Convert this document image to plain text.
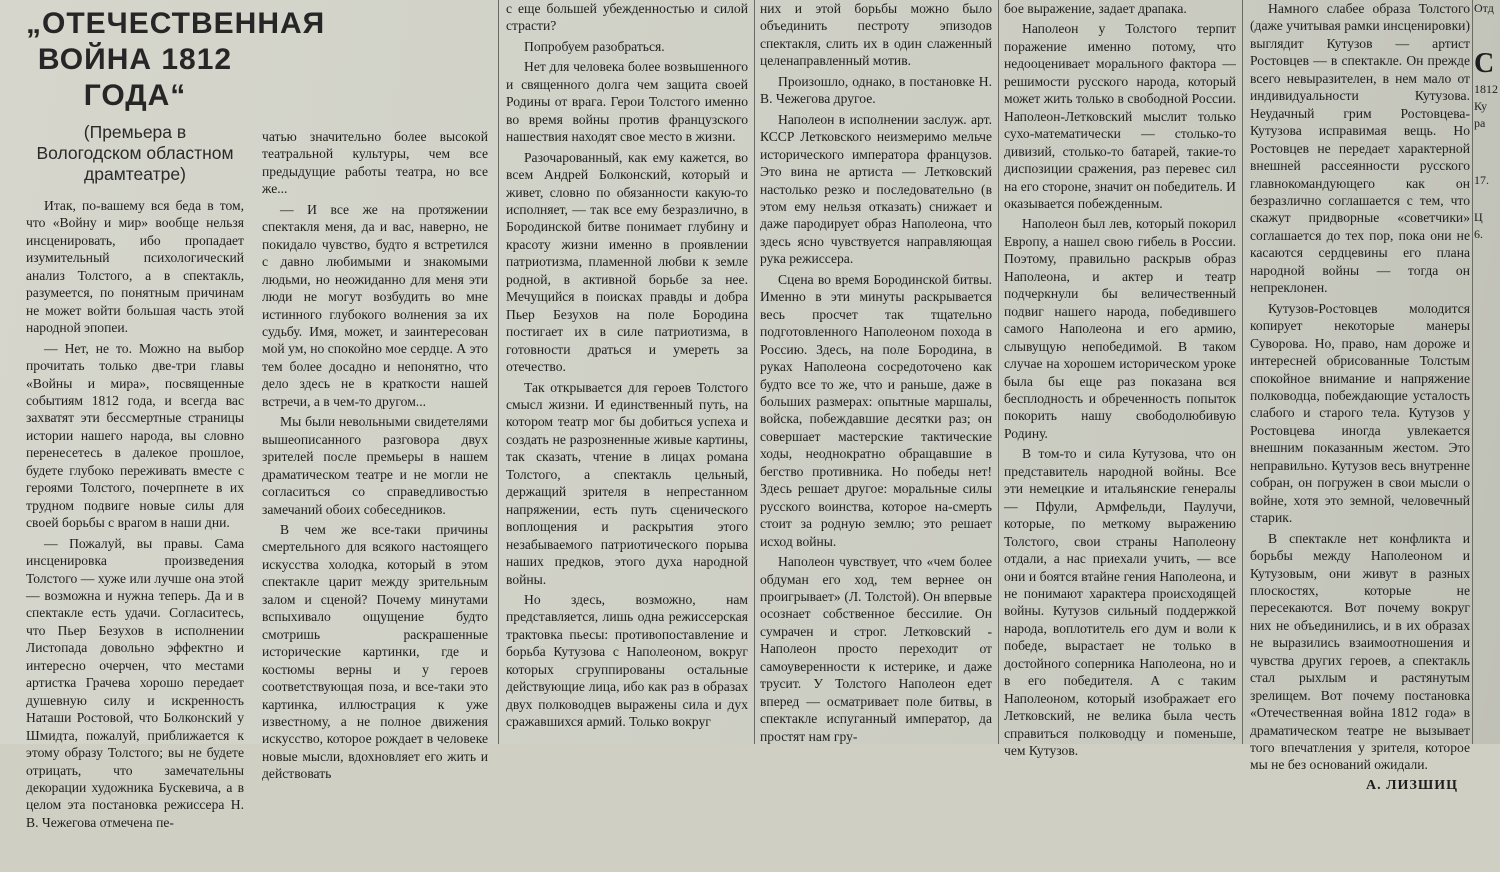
„ОТЕЧЕСТВЕННАЯ ВОЙНА 1812 ГОДА“
(Премьера в Вологодском областном драмтеатре)

Итак, по-вашему вся беда в том, что «Войну и мир» вообще нельзя инсценировать, ибо пропадает изумительный психологический анализ Толстого, а в спектакль, разумеется, по понятным причинам не может войти большая часть этой народной эпопеи.

— Нет, не то. Можно на выбор прочитать только две-три главы «Войны и мира», посвященные событиям 1812 года, и всегда вас захватят эти бессмертные страницы истории нашего народа, вы словно перенесетесь в далекое прошлое, будете глубоко переживать вместе с героями Толстого, почерпнете в их трудном подвиге новые силы для своей борьбы с врагом в наши дни.

— Пожалуй, вы правы. Сама инсценировка произведения Толстого — хуже или лучше она этой — возможна и нужна теперь. Да и в спектакле есть удачи. Согласитесь, что Пьер Безухов в исполнении Листопада довольно эффектно и интересно очерчен, что местами артистка Грачева хорошо передает душевную силу и искренность Наташи Ростовой, что Болконский у Шмидта, пожалуй, приближается к этому образу Толстого; вы не будете отрицать, что замечательны декорации художника Бускевича, а в целом эта постановка режиссера Н. В. Чежегова отмечена пе-

чатью значительно более высокой театральной культуры, чем все предыдущие работы театра, но все же...

— И все же на протяжении спектакля меня, да и вас, наверно, не покидало чувство, будто я встретился с давно любимыми и знакомыми людьми, но неожиданно для меня эти люди не могут возбудить во мне истинного глубокого волнения за их судьбу. Имя, может, и заинтересован мой ум, но спокойно мое сердце. А это тем более досадно и непонятно, что дело здесь не в краткости нашей встречи, а в чем-то другом...

Мы были невольными свидетелями вышеописанного разговора двух зрителей после премьеры в нашем драматическом театре и не могли не согласиться со справедливостью замечаний обоих собеседников.

В чем же все-таки причины смертельного для всякого настоящего искусства холодка, который в этом спектакле царит между зрительным залом и сценой? Почему минутами вспыхивало ощущение будто смотришь раскрашенные исторические картинки, где и костюмы верны и у героев соответствующая поза, и все-таки это картинка, иллюстрация к уже известному, а не полное движения искусство, которое рождает в человеке новые мысли, вдохновляет его жить и действовать

с еще большей убежденностью и силой страсти?

Попробуем разобраться.

Нет для человека более возвышенного и священного долга чем защита своей Родины от врага. Герои Толстого именно во время войны против французского нашествия находят свое место в жизни.

Разочарованный, как ему кажется, во всем Андрей Болконский, который и живет, словно по обязанности какую-то исполняет, — так все ему безразлично, в Бородинской битве понимает глубину и красоту жизни именно в проявлении патриотизма, пламенной любви к земле родной, в активной борьбе за нее. Мечущийся в поисках правды и добра Пьер Безухов на поле Бородина постигает их в силе патриотизма, в готовности драться и умереть за отечество.

Так открывается для героев Толстого смысл жизни. И единственный путь, на котором театр мог бы добиться успеха и создать не разрозненные живые картины, так сказать, чтение в лицах романа Толстого, а спектакль цельный, держащий зрителя в непрестанном напряжении, есть путь сценического воплощения и раскрытия этого незабываемого патриотического порыва наших предков, этого духа народной войны.

Но здесь, возможно, нам представляется, лишь одна режиссерская трактовка пьесы: противопоставление и борьба Кутузова с Наполеоном, вокруг которых сгруппированы остальные действующие лица, ибо как раз в образах двух полководцев выражены сила и дух сражавшихся армий. Только вокруг

них и этой борьбы можно было объединить пестроту эпизодов спектакля, слить их в один слаженный целенаправленный мотив.

Произошло, однако, в постановке Н. В. Чежегова другое.

Наполеон в исполнении заслуж. арт. КССР Летковского неизмеримо мельче исторического императора французов. Это вина не артиста — Летковский настолько резко и последовательно (в этом ему нельзя отказать) снижает и даже пародирует образ Наполеона, что здесь ясно чувствуется направляющая рука режиссера.

Сцена во время Бородинской битвы. Именно в эти минуты раскрывается весь просчет так тщательно подготовленного Наполеоном похода в Россию. Здесь, на поле Бородина, в руках Наполеона сосредоточено как будто все то же, что и раньше, даже в больших размерах: опытные маршалы, войска, побеждавшие десятки раз; он совершает мастерские тактические ходы, неоднократно обращавшие в бегство противника. Но победы нет! Здесь решает другое: моральные силы русского воинства, которое на-смерть стоит за родную землю; это решает исход войны.

Наполеон чувствует, что «чем более обдуман его ход, тем вернее он проигрывает» (Л. Толстой). Он впервые осознает собственное бессилие. Он сумрачен и строг. Летковский - Наполеон просто переходит от самоуверенности к истерике, и даже трусит. У Толстого Наполеон едет вперед — осматривает поле битвы, в спектакле испуганный император, да простят нам гру-

бое выражение, задает драпака.

Наполеон у Толстого терпит поражение именно потому, что недооценивает морального фактора — решимости русского народа, который может жить только в свободной России. Наполеон-Летковский мыслит только сухо-математически — столько-то дивизий, столько-то батарей, такие-то диспозиции сражения, раз перевес сил на его стороне, значит он победитель. И оказывается побежденным.

Наполеон был лев, который покорил Европу, а нашел свою гибель в России. Поэтому, правильно раскрыв образ Наполеона, и актер и театр подчеркнули бы величественный подвиг нашего народа, победившего самого Наполеона и его армию, слывущую непобедимой. В таком случае на хорошем историческом уроке была бы еще раз показана вся бесплодность и обреченность попыток покорить нашу свободолюбивую Родину.

В том-то и сила Кутузова, что он представитель народной войны. Все эти немецкие и итальянские генералы — Пфули, Армфельди, Паулучи, которые, по меткому выражению Толстого, свои страны Наполеону отдали, а нас приехали учить, — все они и боятся втайне гения Наполеона, и не понимают характера происходящей войны. Кутузов сильный поддержкой народа, воплотитель его дум и воли к победе, вырастает не только в достойного соперника Наполеона, но и в его победителя. А с таким Наполеоном, который изображает его Летковский, не велика была честь справиться полководцу и поменьше, чем Кутузов.

Намного слабее образа Толстого (даже учитывая рамки инсценировки) выглядит Кутузов — артист Ростовцев — в спектакле. Он прежде всего невыразителен, в нем мало от индивидуальности Кутузова. Неудачный грим Ростовцева-Кутузова исправимая вещь. Но Ростовцев не передает характерной внешней рассеянности русского главнокомандующего как он безразлично соглашается с тем, что скажут придворные «советчики» соглашается до тех пор, пока они не касаются сердцевины его плана народной войны — тогда он непреклонен.

Кутузов-Ростовцев молодится копирует некоторые манеры Суворова. Но, право, нам дороже и интересней обрисованные Толстым спокойное внимание и напряжение полководца, побеждающие усталость слабого и старого тела. Кутузов у Ростовцева иногда увлекается внешним показанным жестом. Это неправильно. Кутузов весь внутренне собран, он погружен в свои мысли о войне, хотя это земной, человечный старик.

В спектакле нет конфликта и борьбы между Наполеоном и Кутузовым, они живут в разных плоскостях, которые не пересекаются. Вот почему вокруг них не объединились, и в их образах не выразились взаимоотношения и чувства других героев, а спектакль стал рыхлым и растянутым зрелищем. Вот почему постановка «Отечественная война 1812 года» в драматическом театре не вызывает того впечатления у зрителя, которое мы не без оснований ожидали.

А. ЛИЗШИЦ
Отд
С
1812
Ку
ра
17.
Ц
6.
